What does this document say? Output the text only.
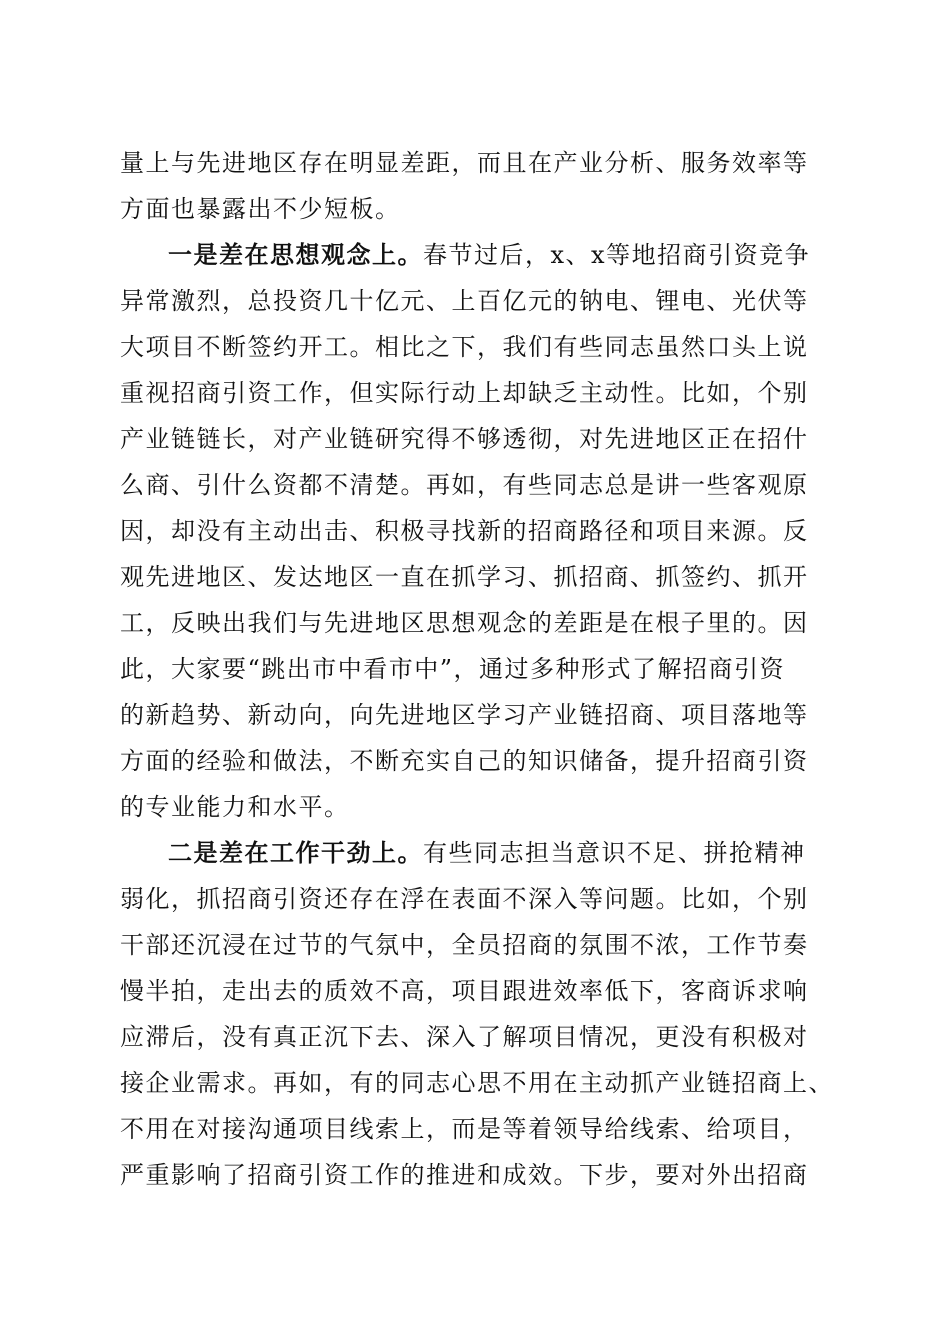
量上与先进地区存在明显差距，而且在产业分析、服务效率等
方面也暴露出不少短板。
一是差在思想观念上。春节过后，x、x等地招商引资竞争
异常激烈，总投资几十亿元、上百亿元的钠电、锂电、光伏等
大项目不断签约开工。相比之下，我们有些同志虽然口头上说
重视招商引资工作，但实际行动上却缺乏主动性。比如，个别
产业链链长，对产业链研究得不够透彻，对先进地区正在招什
么商、引什么资都不清楚。再如，有些同志总是讲一些客观原
因，却没有主动出击、积极寻找新的招商路径和项目来源。反
观先进地区、发达地区一直在抓学习、抓招商、抓签约、抓开
工，反映出我们与先进地区思想观念的差距是在根子里的。因
此，大家要“跳出市中看市中”，通过多种形式了解招商引资
的新趋势、新动向，向先进地区学习产业链招商、项目落地等
方面的经验和做法，不断充实自己的知识储备，提升招商引资
的专业能力和水平。
二是差在工作干劲上。有些同志担当意识不足、拼抢精神
弱化，抓招商引资还存在浮在表面不深入等问题。比如，个别
干部还沉浸在过节的气氛中，全员招商的氛围不浓，工作节奏
慢半拍，走出去的质效不高，项目跟进效率低下，客商诉求响
应滞后，没有真正沉下去、深入了解项目情况，更没有积极对
接企业需求。再如，有的同志心思不用在主动抓产业链招商上、
不用在对接沟通项目线索上，而是等着领导给线索、给项目，
严重影响了招商引资工作的推进和成效。下步，要对外出招商
